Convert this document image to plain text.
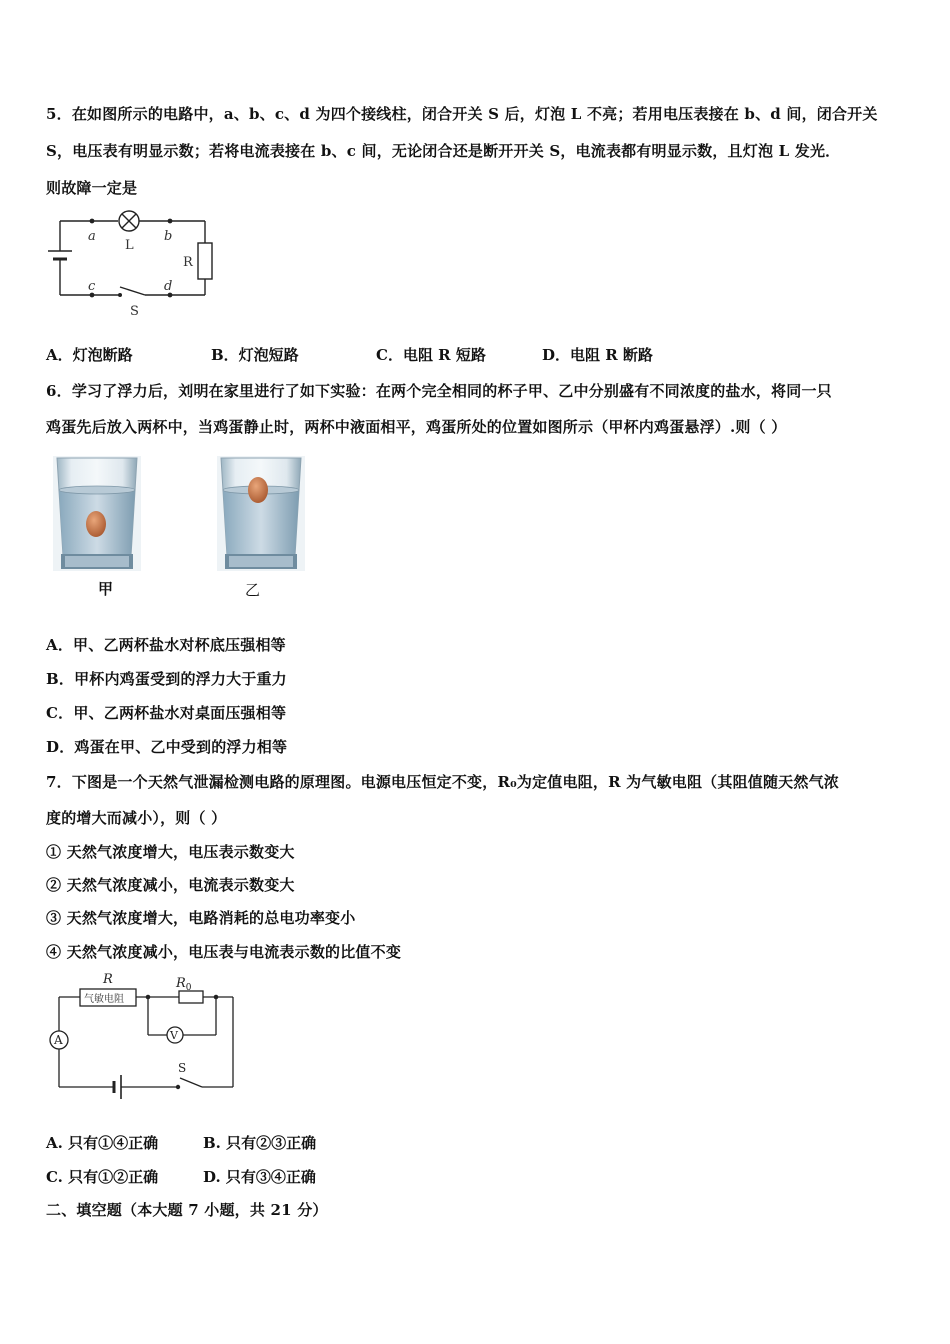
5．在如图所示的电路中，a、b、c、d 为四个接线柱，闭合开关 S 后，灯泡 L 不亮；若用电压表接在 b、d 间，闭合开关
S，电压表有明显示数；若将电流表接在 b、c 间，无论闭合还是断开开关 S，电流表都有明显示数，且灯泡 L 发光．
则故障一定是
a	b
c	d
L
R
S
A．灯泡断路	B．灯泡短路	C．电阻 R 短路	D．电阻 R 断路
6．学习了浮力后，刘明在家里进行了如下实验：在两个完全相同的杯子甲、乙中分别盛有不同浓度的盐水，将同一只
鸡蛋先后放入两杯中，当鸡蛋静止时，两杯中液面相平，鸡蛋所处的位置如图所示（甲杯内鸡蛋悬浮）.则（ ）
甲	乙
A．甲、乙两杯盐水对杯底压强相等
B．甲杯内鸡蛋受到的浮力大于重力
C．甲、乙两杯盐水对桌面压强相等
D．鸡蛋在甲、乙中受到的浮力相等
7．下图是一个天然气泄漏检测电路的原理图。电源电压恒定不变，R₀为定值电阻，R 为气敏电阻（其阻值随天然气浓
度的增大而减小），则（ ）
① 天然气浓度增大，电压表示数变大
② 天然气浓度减小，电流表示数变大
③ 天然气浓度增大，电路消耗的总电功率变小
④ 天然气浓度减小，电压表与电流表示数的比值不变
A	V
R	$R_0$
气敏电阻
S
A. 只有①④正确	B. 只有②③正确
C. 只有①②正确	D. 只有③④正确
二、填空题（本大题 7 小题，共 21 分）
